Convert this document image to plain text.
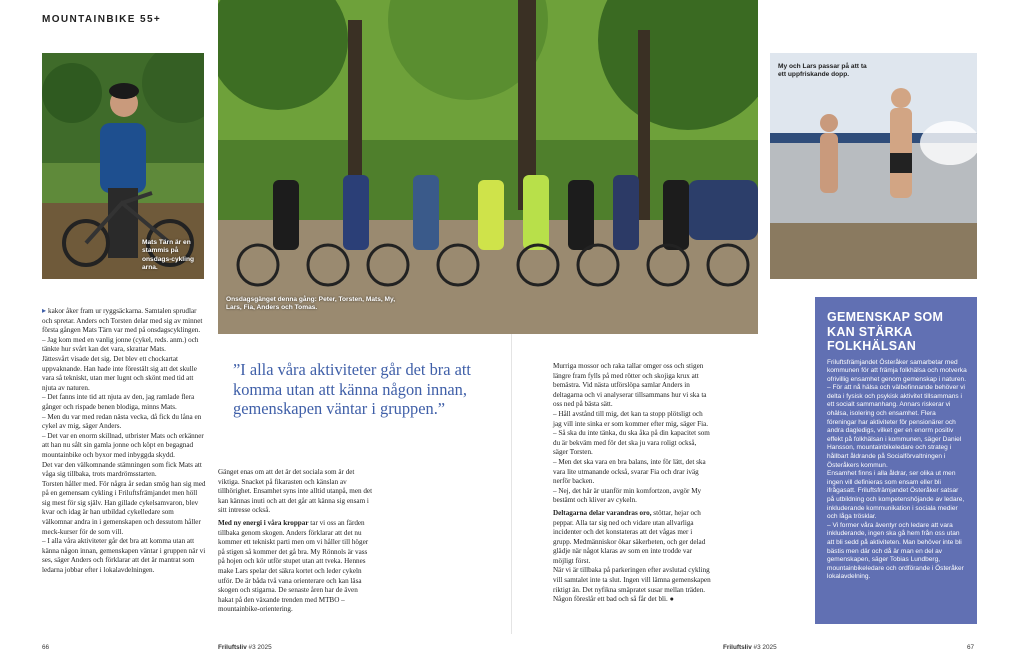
MOUNTAINBIKE 55+
Mats Tärn är en stammis på onsdags-cykling arna.
Onsdagsgänget denna gång: Peter, Torsten, Mats, My, Lars, Fia, Anders och Tomas.
My och Lars passar på att ta ett uppfriskande dopp.

▸ kakor åker fram ur ryggsäckarna. Samtalen sprudlar och spretar. Anders och Torsten delar med sig av minnet första gången Mats Tärn var med på onsdagscyklingen.

– Jag kom med en vanlig jonne (cykel, reds. anm.) och tänkte hur svårt kan det vara, skrattar Mats.

Jättesvårt visade det sig. Det blev ett chockartat uppvaknande. Han hade inte förestält sig att det skulle vara så tekniskt, utan mer lugnt och skönt med tid att njuta av naturen.

– Det fanns inte tid att njuta av den, jag ramlade flera gånger och rispade benen blodiga, minns Mats.

– Men du var med redan nästa vecka, då fick du låna en cykel av mig, säger Anders.

– Det var en enorm skillnad, utbrister Mats och erkänner att han nu sålt sin gamla jonne och köpt en begagnad mountainbike och byxor med inbyggda skydd.

Det var den välkomnande stämningen som fick Mats att våga sig tillbaka, trots mardrömsstarten.

Torsten håller med. För några år sedan smög han sig med på en gemensam cykling i Friluftsfrämjandet men höll sig mest för sig själv. Han gillade cykelsamvaron, blev kvar och idag är han utbildad cykelledare som välkomnar andra in i gemenskapen och dessutom håller meck-kurser för de som vill.

– I alla våra aktiviteter går det bra att komma utan att känna någon innan, gemenskapen väntar i gruppen när vi ses, säger Anders och förklarar att det är mantrat som ledarna jobbar efter i lokalavdelningen.

”I alla våra aktiviteter går det bra att komma utan att känna någon innan, gemenskapen väntar i gruppen.”

Gänget enas om att det är det sociala som är det viktiga. Snacket på fikarasten och känslan av tillhörighet. Ensamhet syns inte alltid utanpå, men det kan kännas inuti och att det går att känna sig ensam i sitt intresse också.

Med ny energi i våra kroppar tar vi oss an färden tillbaka genom skogen. Anders förklarar att det nu kommer ett tekniskt parti men om vi håller till höger på stigen så kommer det gå bra. My Rönnols är vass på hojen och kör utför stupet utan att tveka. Hennes make Lars spelar det säkra kortet och leder cykeln utför. De är båda två vana orienterare och kan läsa skogen och stigarna. De senaste åren har de även hakat på den växande trenden med MTBO – mountainbike-orientering.

Murriga mossor och raka tallar omger oss och stigen längre fram fylls på med rötter och skojiga krux att bemästra. Vid nästa utförslöpa samlar Anders in deltagarna och vi analyserar tillsammans hur vi ska ta oss ned på bästa sätt.

– Håll avstånd till mig, det kan ta stopp plötsligt och jag vill inte sinka er som kommer efter mig, säger Fia.

– Så ska du inte tänka, du ska åka på din kapacitet som du är bekväm med för det ska ju vara roligt också, säger Torsten.

– Men det ska vara en bra balans, inte för lätt, det ska vara lite utmanande också, svarar Fia och drar iväg nerför backen.

– Nej, det här är utanför min komfortzon, avgör My bestämt och kliver av cykeln.

Deltagarna delar varandras oro, stöttar, hejar och peppar. Alla tar sig ned och vidare utan allvarliga incidenter och det konstateras att det vågas mer i grupp. Medmänniskor ökar säkerheten, och ger delad glädje när något klaras av som en inte trodde var möjligt först.

När vi är tillbaka på parkeringen efter avslutad cykling vill samtalet inte ta slut. Ingen vill lämna gemenskapen riktigt än. Det nyfikna smäpratet susar mellan träden. Någon föreslår ett bad och så får det bli. ●

GEMENSKAP SOM KAN STÄRKA FOLKHÄLSAN
Friluftsfrämjandet Österåker samarbetar med kommunen för att främja folkhälsa och motverka ofrivillig ensamhet genom gemenskap i naturen.
– För att nå hälsa och välbefinnande behöver vi delta i fysisk och psykisk aktivitet tillsammans i ett socialt sammanhang. Annars riskerar vi ohälsa, isolering och ensamhet. Flera föreningar har aktiviteter för pensionärer och andra dagledigs, vilket ger en enorm positiv effekt på folkhälsan i kommunen, säger Daniel Hansson, mountainbikeledare och strateg i hållbart åldrande på Socialförvaltningen i Österåkers kommun.
Ensamhet finns i alla åldrar, ser olika ut men ingen vill definieras som ensam eller bli ifrågasatt. Friluftsfrämjandet Österåker satsar på utbildning och kompetenshöjande av ledare, inkluderande kommunikation i sociala medier och låga trösklar.
– Vi former våra äventyr och ledare att vara inkluderande, ingen ska gå hem från oss utan att bli sedd på aktiviteten. Man behöver inte bli bästis men där och då är man en del av gemenskapen, säger Tobias Lundberg, mountainbikeledare och ordförande i Österåker lokalavdelning.
66	Friluftsliv #3 2025	Friluftsliv #3 2025	67
